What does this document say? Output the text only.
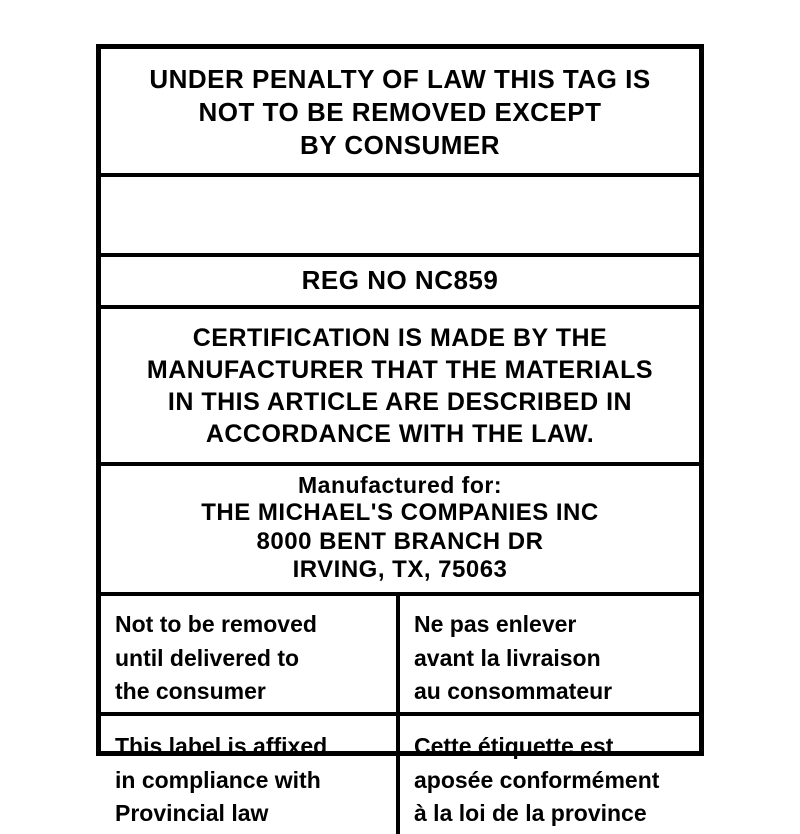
UNDER PENALTY OF LAW THIS TAG IS
NOT TO BE REMOVED EXCEPT
BY CONSUMER
REG NO NC859
CERTIFICATION IS MADE BY THE
MANUFACTURER THAT THE MATERIALS
IN THIS ARTICLE ARE DESCRIBED IN
ACCORDANCE WITH THE LAW.
Manufactured for:
THE MICHAEL'S COMPANIES INC
8000 BENT BRANCH DR
IRVING, TX, 75063
Not to be removed
until delivered to
the consumer
Ne pas enlever
avant la livraison
au consommateur
This label is affixed
in compliance with
Provincial law
Cette étiquette est
aposée conformément
à la loi de la province
